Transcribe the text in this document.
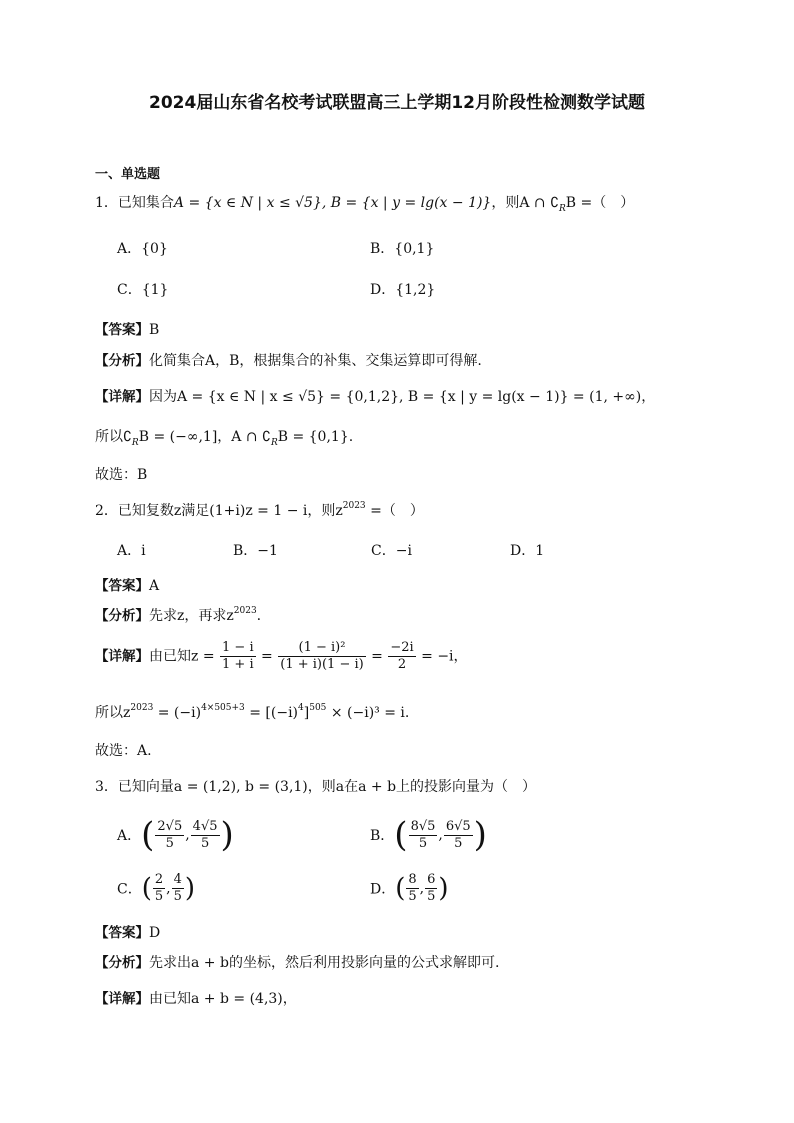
2024届山东省名校考试联盟高三上学期12月阶段性检测数学试题
一、单选题
1．已知集合A = {x ∈ N | x ≤ √5}, B = {x | y = lg(x − 1)}，则A ∩ $∁_RB$ =（　）
A．{0}	B．{0,1}
C．{1}	D．{1,2}
【答案】B
【分析】化简集合A，B，根据集合的补集、交集运算即可得解.
【详解】因为A = {x ∈ N | x ≤ √5} = {0,1,2}, B = {x | y = lg(x − 1)} = (1, +∞)，
所以$∁_RB = (-\infty,1]$，A ∩ $∁_RB = \{0,1\}$.
故选：B
2．已知复数z满足(1+i)z = 1 − i，则$z^{2023}$ =（　）
A．i	B．−1	C．−i	D．1
【答案】A
【分析】先求z，再求$z^{2023}$.
【详解】由已知$z = \frac{1 - i}{1 + i} = \frac{\text{(1 − i)²}}{(1 + i)(1 - i)} = \frac{-2i}{2} = -i$，
所以$z^{2023} = (-i)^{4\times 505+3} = [(-i)^4]^{505} \times (-i)^3 = i$.
故选：A.
3．已知向量a = (1,2), b = (3,1)，则a在a + b上的投影向量为（　）
A．( $\frac{2√5}{5}$ , $\frac{4√5}{5}$ )	B．( $\frac{8√5}{5}$ , $\frac{6√5}{5}$ )
C．( $\frac{2}{5}$ , $\frac{4}{5}$ )	D．( $\frac{8}{5}$ , $\frac{6}{5}$ )
【答案】D
【分析】先求出a + b的坐标，然后利用投影向量的公式求解即可.
【详解】由已知a + b = (4,3)，
